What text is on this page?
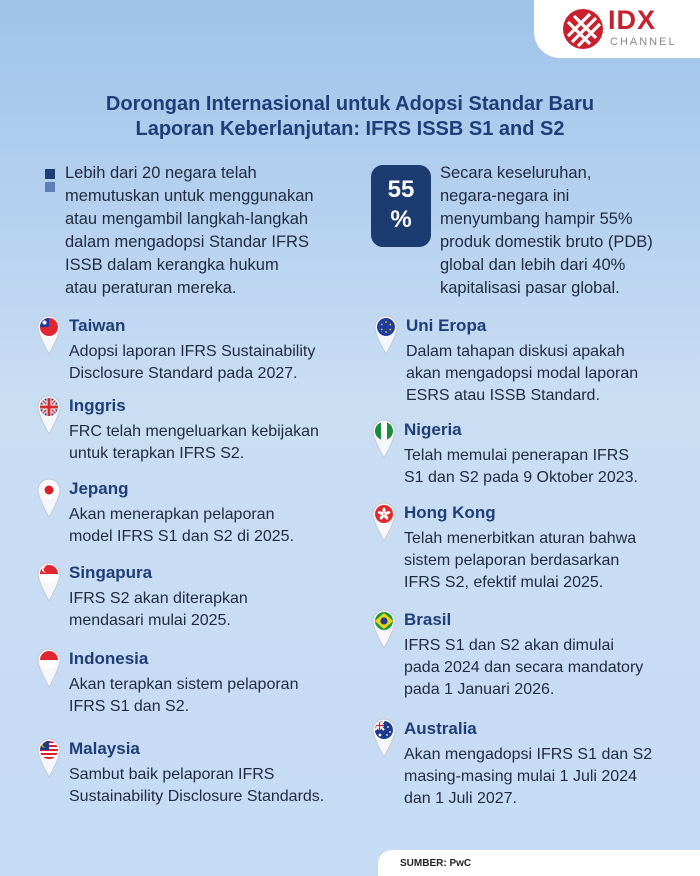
IDX
CHANNEL
Dorongan Internasional untuk Adopsi Standar Baru
Laporan Keberlanjutan: IFRS ISSB S1 and S2
Lebih dari 20 negara telah
memutuskan untuk menggunakan
atau mengambil langkah-langkah
dalam mengadopsi Standar IFRS
ISSB dalam kerangka hukum
atau peraturan mereka.
55
%
Secara keseluruhan,
negara-negara ini
menyumbang hampir 55%
produk domestik bruto (PDB)
global dan lebih dari 40%
kapitalisasi pasar global.
Taiwan
Adopsi laporan IFRS Sustainability
Disclosure Standard pada 2027.
Inggris
FRC telah mengeluarkan kebijakan
untuk terapkan IFRS S2.
Jepang
Akan menerapkan pelaporan
model IFRS S1 dan S2 di 2025.
Singapura
IFRS S2 akan diterapkan
mendasari mulai 2025.
Indonesia
Akan terapkan sistem pelaporan
IFRS S1 dan S2.
Malaysia
Sambut baik pelaporan IFRS
Sustainability Disclosure Standards.
Uni Eropa
Dalam tahapan diskusi apakah
akan mengadopsi modal laporan
ESRS atau ISSB Standard.
Nigeria
Telah memulai penerapan IFRS
S1 dan S2 pada 9 Oktober 2023.
Hong Kong
Telah menerbitkan aturan bahwa
sistem pelaporan berdasarkan
IFRS S2, efektif mulai 2025.
Brasil
IFRS S1 dan S2 akan dimulai
pada 2024 dan secara mandatory
pada 1 Januari 2026.
Australia
Akan mengadopsi IFRS S1 dan S2
masing-masing mulai 1 Juli 2024
dan 1 Juli 2027.
SUMBER: PwC
